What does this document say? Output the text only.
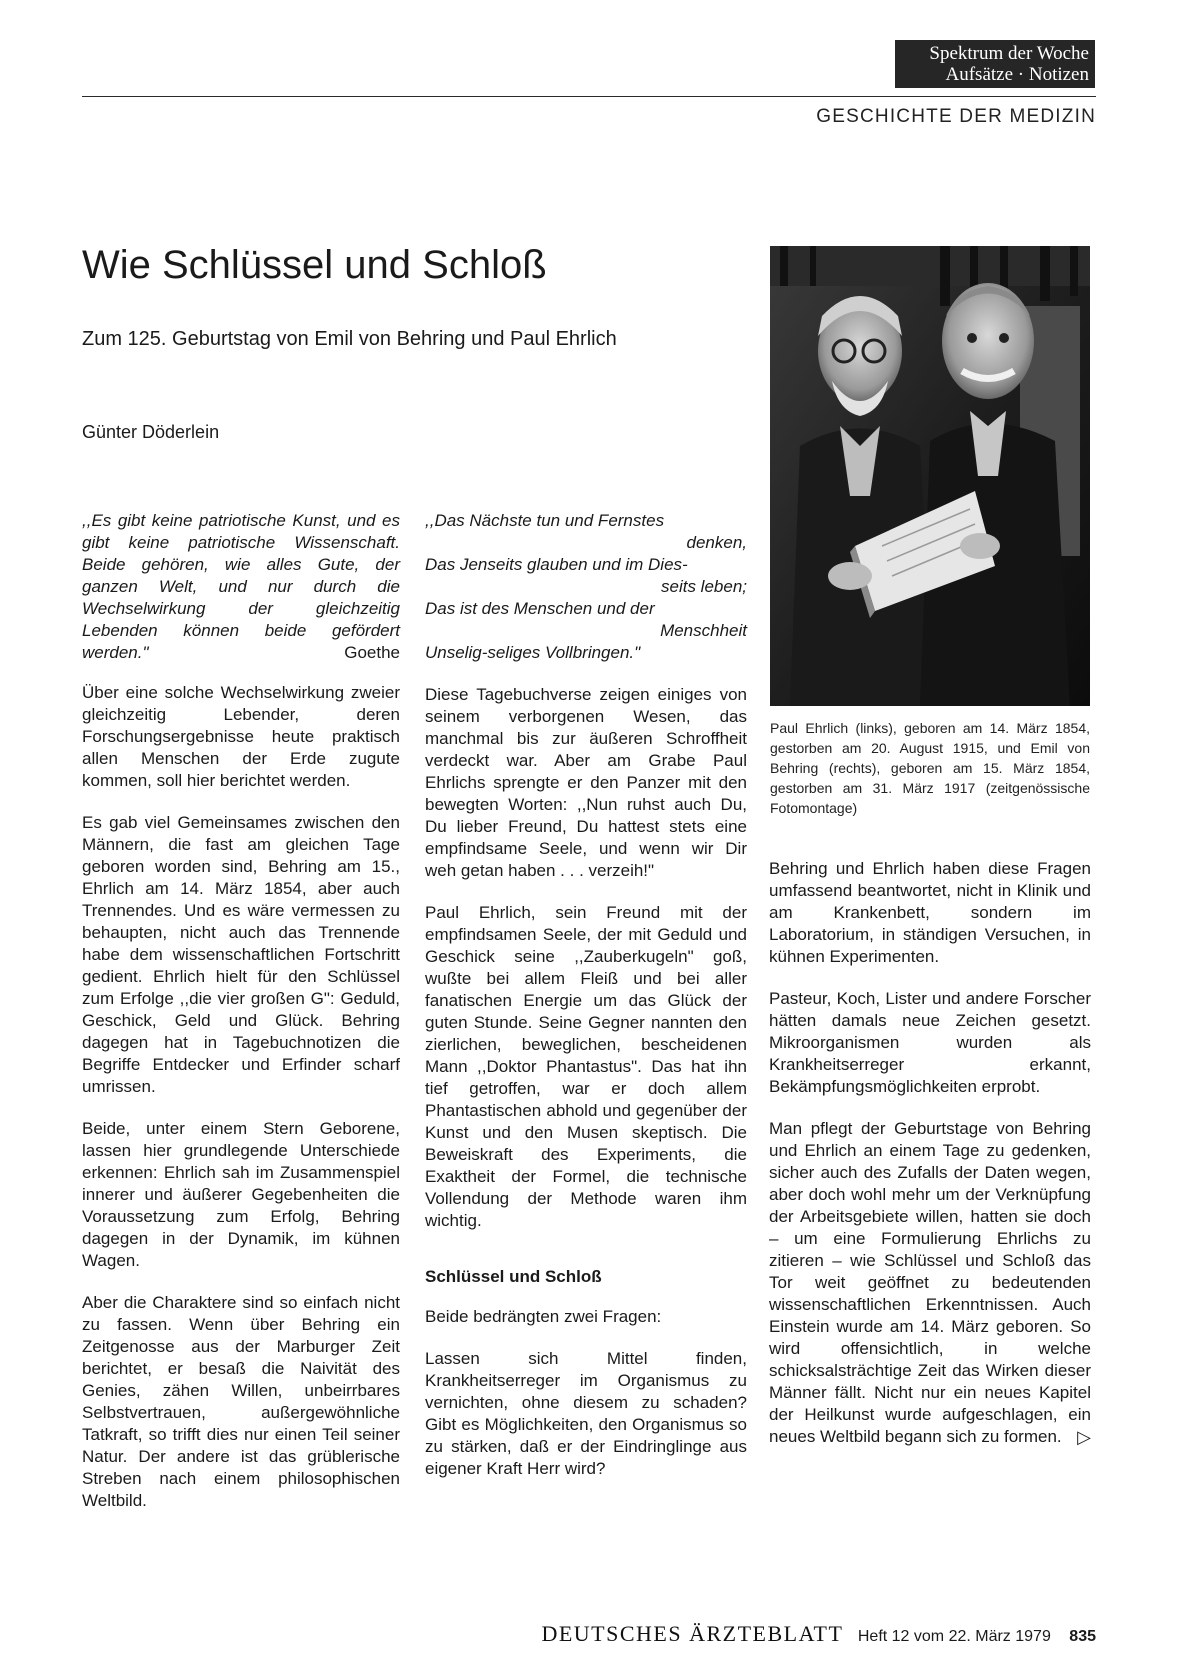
Spektrum der Woche
Aufsätze · Notizen
GESCHICHTE DER MEDIZIN
Wie Schlüssel und Schloß
Zum 125. Geburtstag von Emil von Behring und Paul Ehrlich
Günter Döderlein

,,Es gibt keine patriotische Kunst, und es gibt keine patriotische Wissenschaft. Beide gehören, wie alles Gute, der ganzen Welt, und nur durch die Wechselwirkung der gleichzeitig Lebenden können beide gefördert werden."	Goethe

Über eine solche Wechselwirkung zweier gleichzeitig Lebender, deren Forschungsergebnisse heute praktisch allen Menschen der Erde zugute kommen, soll hier berichtet werden.

Es gab viel Gemeinsames zwischen den Männern, die fast am gleichen Tage geboren worden sind, Behring am 15., Ehrlich am 14. März 1854, aber auch Trennendes. Und es wäre vermessen zu behaupten, nicht auch das Trennende habe dem wissenschaftlichen Fortschritt gedient. Ehrlich hielt für den Schlüssel zum Erfolge ,,die vier großen G": Geduld, Geschick, Geld und Glück. Behring dagegen hat in Tagebuchnotizen die Begriffe Entdecker und Erfinder scharf umrissen.

Beide, unter einem Stern Geborene, lassen hier grundlegende Unterschiede erkennen: Ehrlich sah im Zusammenspiel innerer und äußerer Gegebenheiten die Voraussetzung zum Erfolg, Behring dagegen in der Dynamik, im kühnen Wagen.

Aber die Charaktere sind so einfach nicht zu fassen. Wenn über Behring ein Zeitgenosse aus der Marburger Zeit berichtet, er besaß die Naivität des Genies, zähen Willen, unbeirrbares Selbstvertrauen, außergewöhnliche Tatkraft, so trifft dies nur einen Teil seiner Natur. Der andere ist das grüblerische Streben nach einem philosophischen Weltbild.

,,Das Nächste tun und Fernstes
denken,
Das Jenseits glauben und im Dies-
seits leben;
Das ist des Menschen und der
Menschheit
Unselig-seliges Vollbringen."

Diese Tagebuchverse zeigen einiges von seinem verborgenen Wesen, das manchmal bis zur äußeren Schroffheit verdeckt war. Aber am Grabe Paul Ehrlichs sprengte er den Panzer mit den bewegten Worten: ,,Nun ruhst auch Du, Du lieber Freund, Du hattest stets eine empfindsame Seele, und wenn wir Dir weh getan haben . . . verzeih!"

Paul Ehrlich, sein Freund mit der empfindsamen Seele, der mit Geduld und Geschick seine ,,Zauberkugeln" goß, wußte bei allem Fleiß und bei aller fanatischen Energie um das Glück der guten Stunde. Seine Gegner nannten den zierlichen, beweglichen, bescheidenen Mann ,,Doktor Phantastus". Das hat ihn tief getroffen, war er doch allem Phantastischen abhold und gegenüber der Kunst und den Musen skeptisch. Die Beweiskraft des Experiments, die Exaktheit der Formel, die technische Vollendung der Methode waren ihm wichtig.

Schlüssel und Schloß

Beide bedrängten zwei Fragen:

Lassen sich Mittel finden, Krankheitserreger im Organismus zu vernichten, ohne diesem zu schaden? Gibt es Möglichkeiten, den Organismus so zu stärken, daß er der Eindringlinge aus eigener Kraft Herr wird?

Paul Ehrlich (links), geboren am 14. März 1854, gestorben am 20. August 1915, und Emil von Behring (rechts), geboren am 15. März 1854, gestorben am 31. März 1917 (zeitgenössische Fotomontage)

Behring und Ehrlich haben diese Fragen umfassend beantwortet, nicht in Klinik und am Krankenbett, sondern im Laboratorium, in ständigen Versuchen, in kühnen Experimenten.

Pasteur, Koch, Lister und andere Forscher hätten damals neue Zeichen gesetzt. Mikroorganismen wurden als Krankheitserreger erkannt, Bekämpfungsmöglichkeiten erprobt.

Man pflegt der Geburtstage von Behring und Ehrlich an einem Tage zu gedenken, sicher auch des Zufalls der Daten wegen, aber doch wohl mehr um der Verknüpfung der Arbeitsgebiete willen, hatten sie doch – um eine Formulierung Ehrlichs zu zitieren – wie Schlüssel und Schloß das Tor weit geöffnet zu bedeutenden wissenschaftlichen Erkenntnissen. Auch Einstein wurde am 14. März geboren. So wird offensichtlich, in welche schicksalsträchtige Zeit das Wirken dieser Männer fällt. Nicht nur ein neues Kapitel der Heilkunst wurde aufgeschlagen, ein neues Weltbild begann sich zu formen. ▷

DEUTSCHES ÄRZTEBLATT Heft 12 vom 22. März 1979 835
